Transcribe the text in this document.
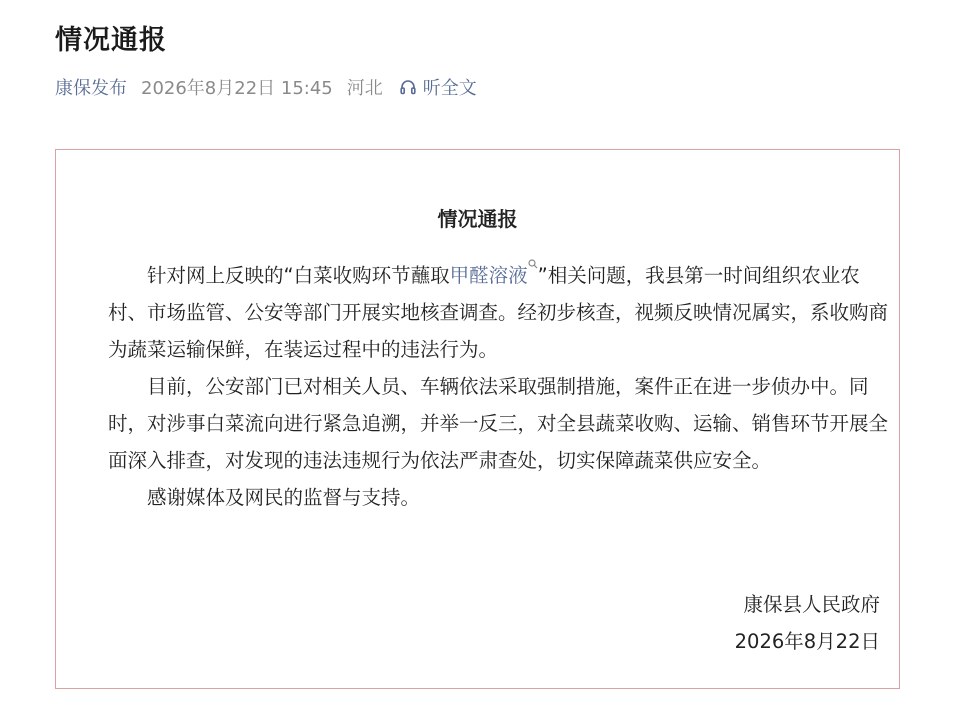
情况通报
康保发布 2026年8月22日 15:45 河北 听全文
情况通报

针对网上反映的“白菜收购环节蘸取甲醛溶液 ”相关问题，我县第一时间组织农业农村、市场监管、公安等部门开展实地核查调查。经初步核查，视频反映情况属实，系收购商为蔬菜运输保鲜，在装运过程中的违法行为。

目前，公安部门已对相关人员、车辆依法采取强制措施，案件正在进一步侦办中。同时，对涉事白菜流向进行紧急追溯，并举一反三，对全县蔬菜收购、运输、销售环节开展全面深入排查，对发现的违法违规行为依法严肃查处，切实保障蔬菜供应安全。

感谢媒体及网民的监督与支持。

康保县人民政府
2026年8月22日
